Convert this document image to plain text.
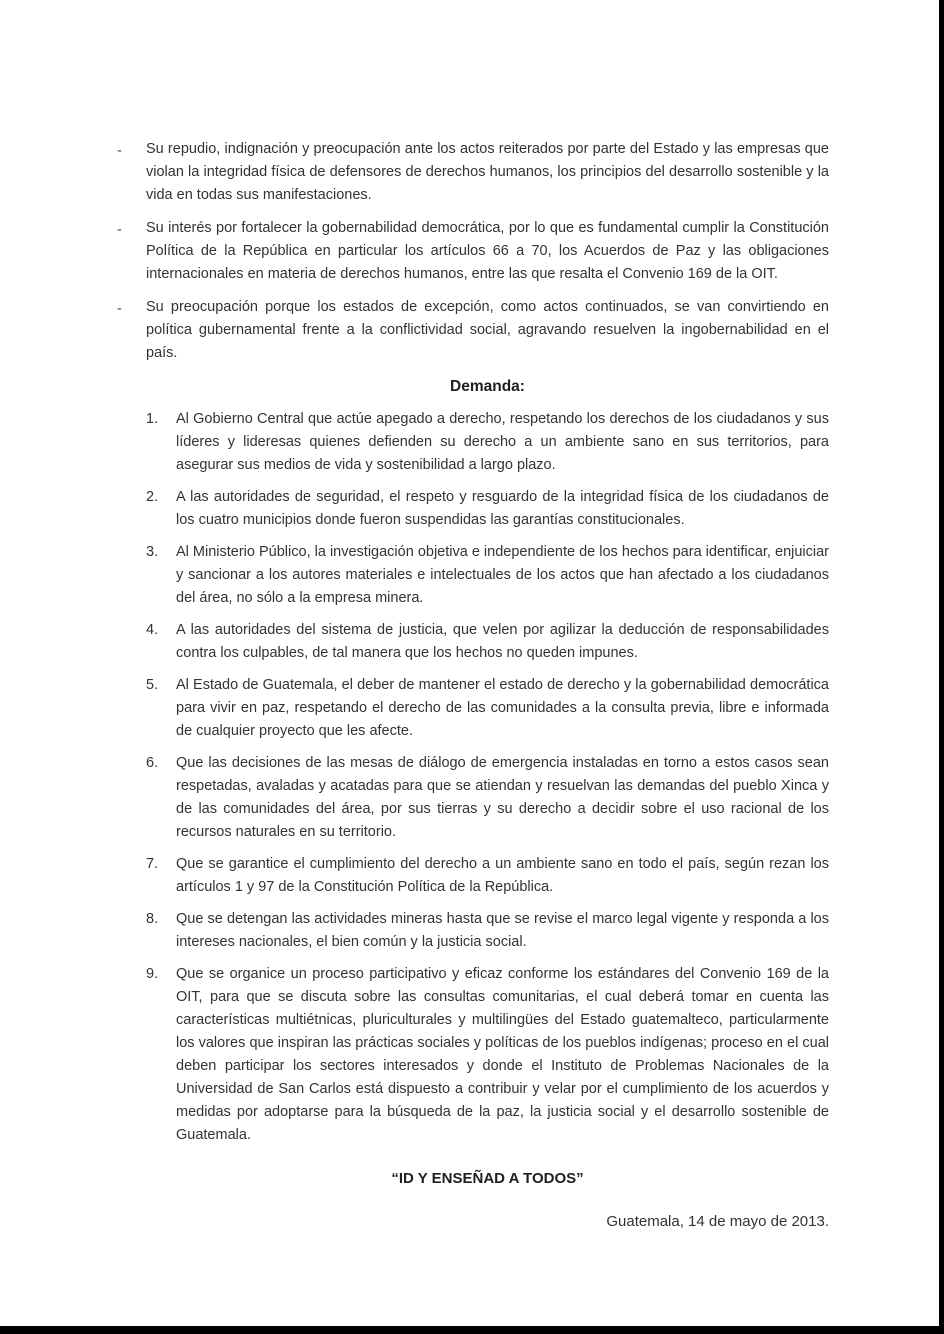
- Su repudio, indignación y preocupación ante los actos reiterados por parte del Estado y las empresas que violan la integridad física de defensores de derechos humanos, los principios del desarrollo sostenible y la vida en todas sus manifestaciones.
- Su interés por fortalecer la gobernabilidad democrática, por lo que es fundamental cumplir la Constitución Política de la República en particular los artículos 66 a 70, los Acuerdos de Paz y las obligaciones internacionales en materia de derechos humanos, entre las que resalta el Convenio 169 de la OIT.
- Su preocupación porque los estados de excepción, como actos continuados, se van convirtiendo en política gubernamental frente a la conflictividad social, agravando resuelven la ingobernabilidad en el país.
Demanda:
1.	Al Gobierno Central que actúe apegado a derecho, respetando los derechos de los ciudadanos y sus líderes y lideresas quienes defienden su derecho a un ambiente sano en sus territorios, para asegurar sus medios de vida y sostenibilidad a largo plazo.
2.	A las autoridades de seguridad, el respeto y resguardo de la integridad física de los ciudadanos de los cuatro municipios donde fueron suspendidas las garantías constitucionales.
3.	Al Ministerio Público, la investigación objetiva e independiente de los hechos para identificar, enjuiciar y sancionar a los autores materiales e intelectuales de los actos que han afectado a los ciudadanos del área, no sólo a la empresa minera.
4.	A las autoridades del sistema de justicia, que velen por agilizar la deducción de responsabilidades contra los culpables, de tal manera que los hechos no queden impunes.
5.	Al Estado de Guatemala, el deber de mantener el estado de derecho y la gobernabilidad democrática para vivir en paz, respetando el derecho de las comunidades a la consulta previa, libre e informada de cualquier proyecto que les afecte.
6.	Que las decisiones de las mesas de diálogo de emergencia instaladas en torno a estos casos sean respetadas, avaladas y acatadas para que se atiendan y resuelvan las demandas del pueblo Xinca y de las comunidades del área, por sus tierras y su derecho a decidir sobre el uso racional de los recursos naturales en su territorio.
7.	Que se garantice el cumplimiento del derecho a un ambiente sano en todo el país, según rezan los artículos 1 y 97 de la Constitución Política de la República.
8.	Que se detengan las actividades mineras hasta que se revise el marco legal vigente y responda a los intereses nacionales, el bien común y la justicia social.
9.	Que se organice un proceso participativo y eficaz conforme los estándares del Convenio 169 de la OIT, para que se discuta sobre las consultas comunitarias, el cual deberá tomar en cuenta las características multiétnicas, pluriculturales y multilingües del Estado guatemalteco, particularmente los valores que inspiran las prácticas sociales y políticas de los pueblos indígenas; proceso en el cual deben participar los sectores interesados y donde el Instituto de Problemas Nacionales de la Universidad de San Carlos está dispuesto a contribuir y velar por el cumplimiento de los acuerdos y medidas por adoptarse para la búsqueda de la paz, la justicia social y el desarrollo sostenible de Guatemala.
“ID Y ENSEÑAD A TODOS”
Guatemala, 14 de mayo de 2013.
